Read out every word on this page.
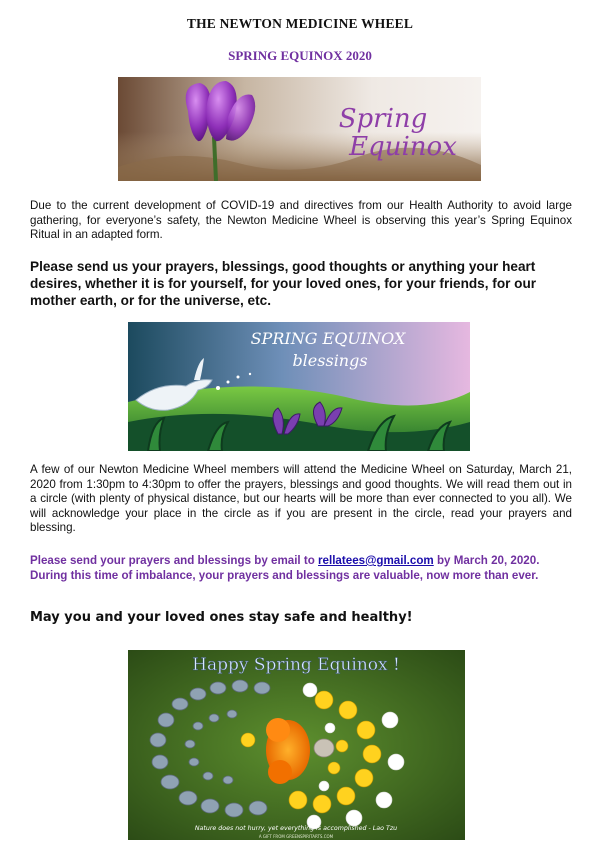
THE NEWTON MEDICINE WHEEL
SPRING EQUINOX 2020
Spring
Equinox
Due to the current development of COVID-19 and directives from our Health Authority to avoid large gathering, for everyone’s safety, the Newton Medicine Wheel is observing this year’s Spring Equinox Ritual in an adapted form.
Please send us your prayers, blessings, good thoughts or anything your heart desires, whether it is for yourself, for your loved ones, for your friends, for our mother earth, or for the universe, etc.
SPRING EQUINOX
blessings
A few of our Newton Medicine Wheel members will attend the Medicine Wheel on Saturday, March 21, 2020 from 1:30pm to 4:30pm to offer the prayers, blessings and good thoughts. We will read them out in a circle (with plenty of physical distance, but our hearts will be more than ever connected to you all). We will acknowledge your place in the circle as if you are present in the circle, read your prayers and blessing.
Please send your prayers and blessings by email to rellatees@gmail.com by March 20, 2020. During this time of imbalance, your prayers and blessings are valuable, now more than ever.
May you and your loved ones stay safe and healthy!
Happy Spring Equinox !
Nature does not hurry, yet everything is accomplished - Lao Tzu
A GIFT FROM GREENSPIRITARTS.COM
